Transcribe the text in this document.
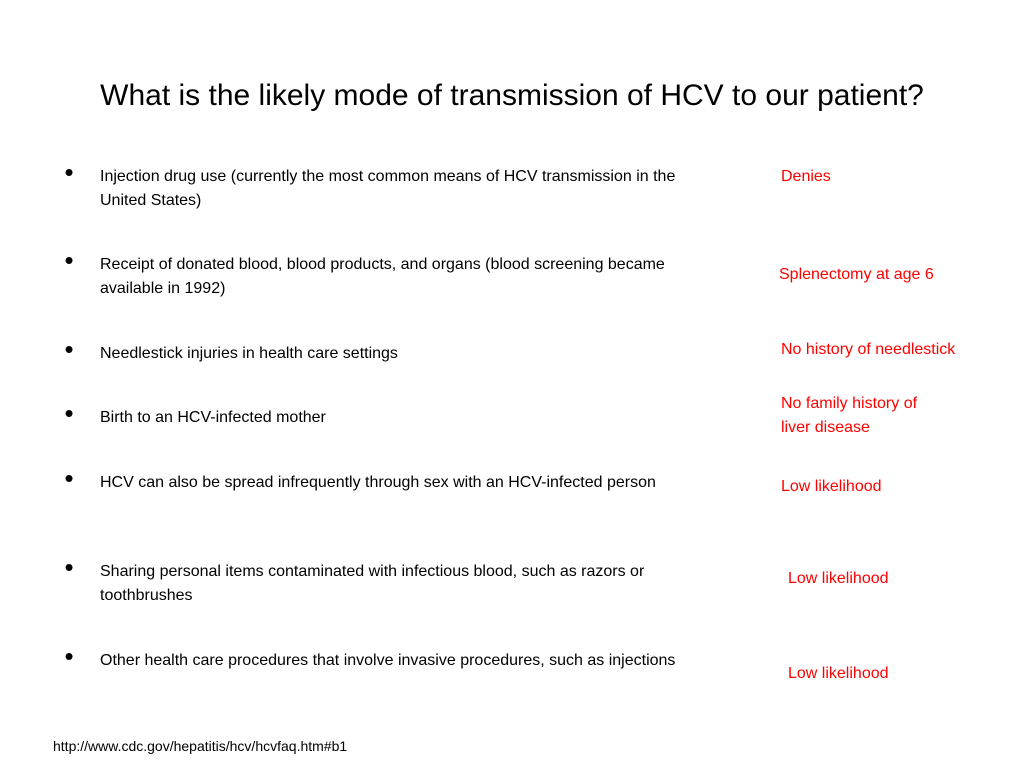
What is the likely mode of transmission of HCV to our patient?
• Injection drug use (currently the most common means of HCV transmission in the United States)
Denies
• Receipt of donated blood, blood products, and organs (blood screening became available in 1992)
Splenectomy at age 6
• Needlestick injuries in health care settings	No history of needlestick
• Birth to an HCV-infected mother
No family history of liver disease
• HCV can also be spread infrequently through sex with an HCV-infected person	Low likelihood
• Sharing personal items contaminated with infectious blood, such as razors or toothbrushes
Low likelihood
• Other health care procedures that involve invasive procedures, such as injections
Low likelihood
http://www.cdc.gov/hepatitis/hcv/hcvfaq.htm#b1
